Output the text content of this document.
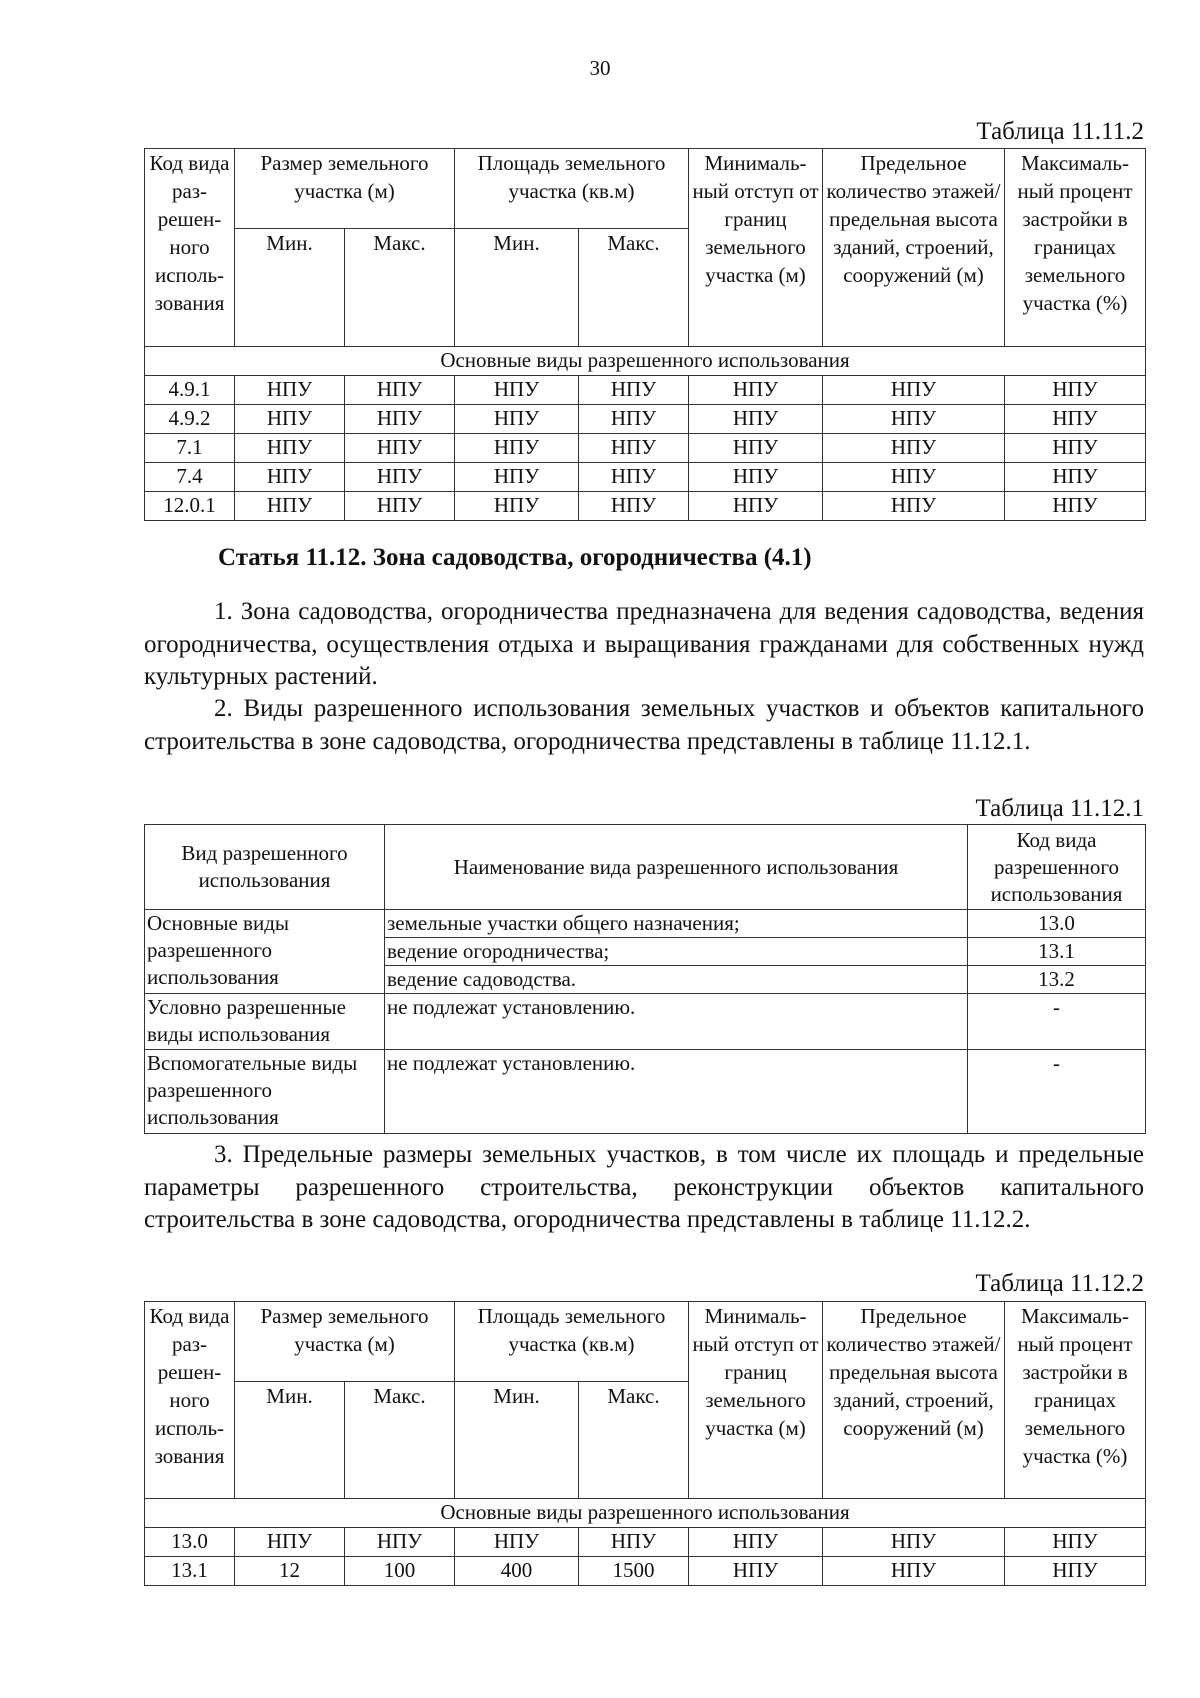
30
Таблица 11.11.2
Код вида раз- решен- ного исполь- зования	Размер земельного участка (м)		Площадь земельного участка (кв.м)		Минималь- ный отступ от границ земельного участка (м)	Предельное количество этажей/ предельная высота зданий, строений, сооружений (м)	Максималь- ный процент застройки в границах земельного участка (%)
	Мин.	Макс.	Мин.	Макс.			
Основные виды разрешенного использования							
4.9.1	НПУ	НПУ	НПУ	НПУ	НПУ	НПУ	НПУ
4.9.2	НПУ	НПУ	НПУ	НПУ	НПУ	НПУ	НПУ
7.1	НПУ	НПУ	НПУ	НПУ	НПУ	НПУ	НПУ
7.4	НПУ	НПУ	НПУ	НПУ	НПУ	НПУ	НПУ
12.0.1	НПУ	НПУ	НПУ	НПУ	НПУ	НПУ	НПУ
Статья 11.12. Зона садоводства, огородничества (4.1)
1. Зона садоводства, огородничества предназначена для ведения садоводства, ведения огородничества, осуществления отдыха и выращивания гражданами для собственных нужд культурных растений.
2. Виды разрешенного использования земельных участков и объектов капитального строительства в зоне садоводства, огородничества представлены в таблице 11.12.1.
Таблица 11.12.1
Вид разрешенного использования	Наименование вида разрешенного использования	Код вида разрешенного использования
Основные виды разрешенного использования	земельные участки общего назначения;	13.0
	ведение огородничества;	13.1
	ведение садоводства.	13.2
Условно разрешенные виды использования	не подлежат установлению.	-
Вспомогательные виды разрешенного использования	не подлежат установлению.	-
3. Предельные размеры земельных участков, в том числе их площадь и предельные параметры разрешенного строительства, реконструкции объектов капитального строительства в зоне садоводства, огородничества представлены в таблице 11.12.2.
Таблица 11.12.2
Код вида раз- решен- ного исполь- зования	Размер земельного участка (м)		Площадь земельного участка (кв.м)		Минималь- ный отступ от границ земельного участка (м)	Предельное количество этажей/ предельная высота зданий, строений, сооружений (м)	Максималь- ный процент застройки в границах земельного участка (%)
	Мин.	Макс.	Мин.	Макс.			
Основные виды разрешенного использования							
13.0	НПУ	НПУ	НПУ	НПУ	НПУ	НПУ	НПУ
13.1	12	100	400	1500	НПУ	НПУ	НПУ
